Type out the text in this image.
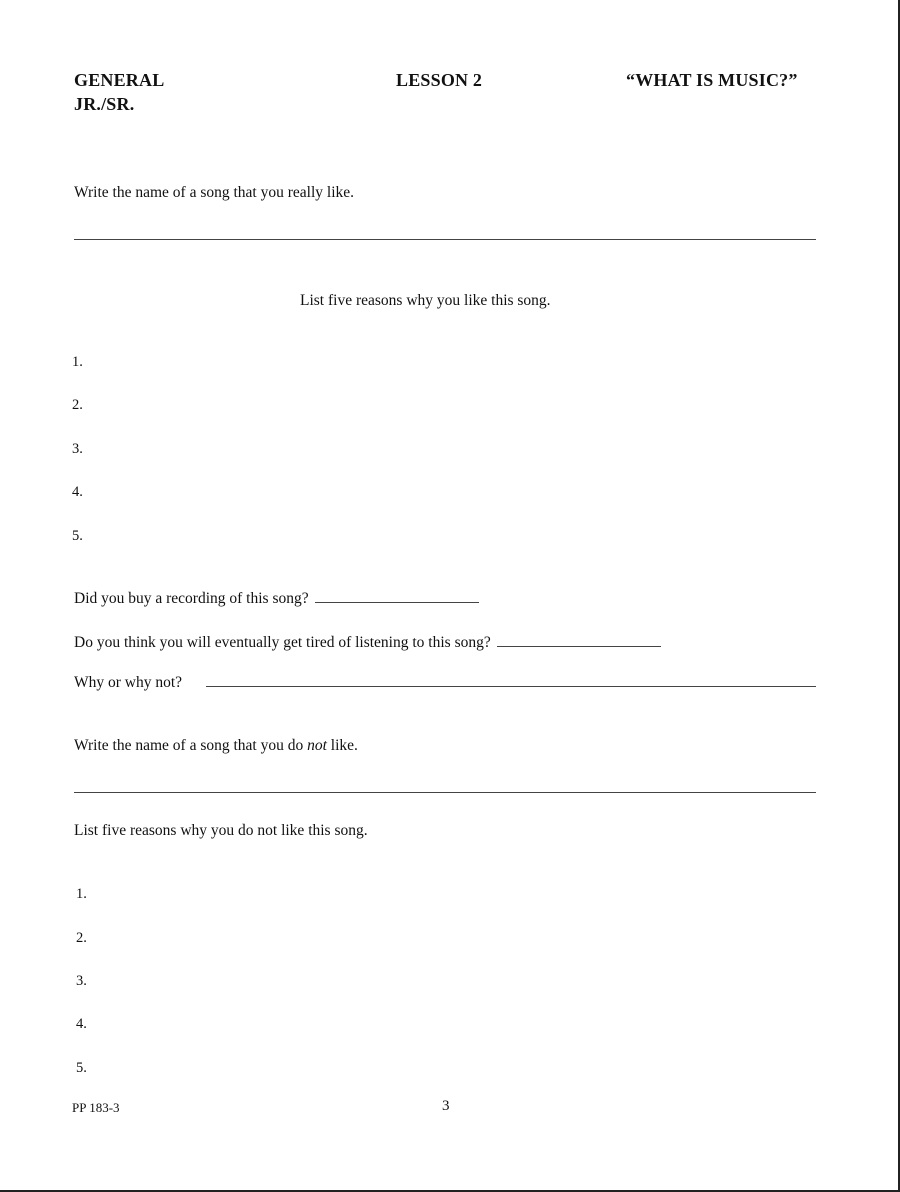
GENERAL
JR./SR.
LESSON 2	“WHAT IS MUSIC?”
Write the name of a song that you really like.
List five reasons why you like this song.
1.
2.
3.
4.
5.
Did you buy a recording of this song?
Do you think you will eventually get tired of listening to this song?
Why or why not?
Write the name of a song that you do not like.
List five reasons why you do not like this song.
1.
2.
3.
4.
5.
PP 183-3	3
